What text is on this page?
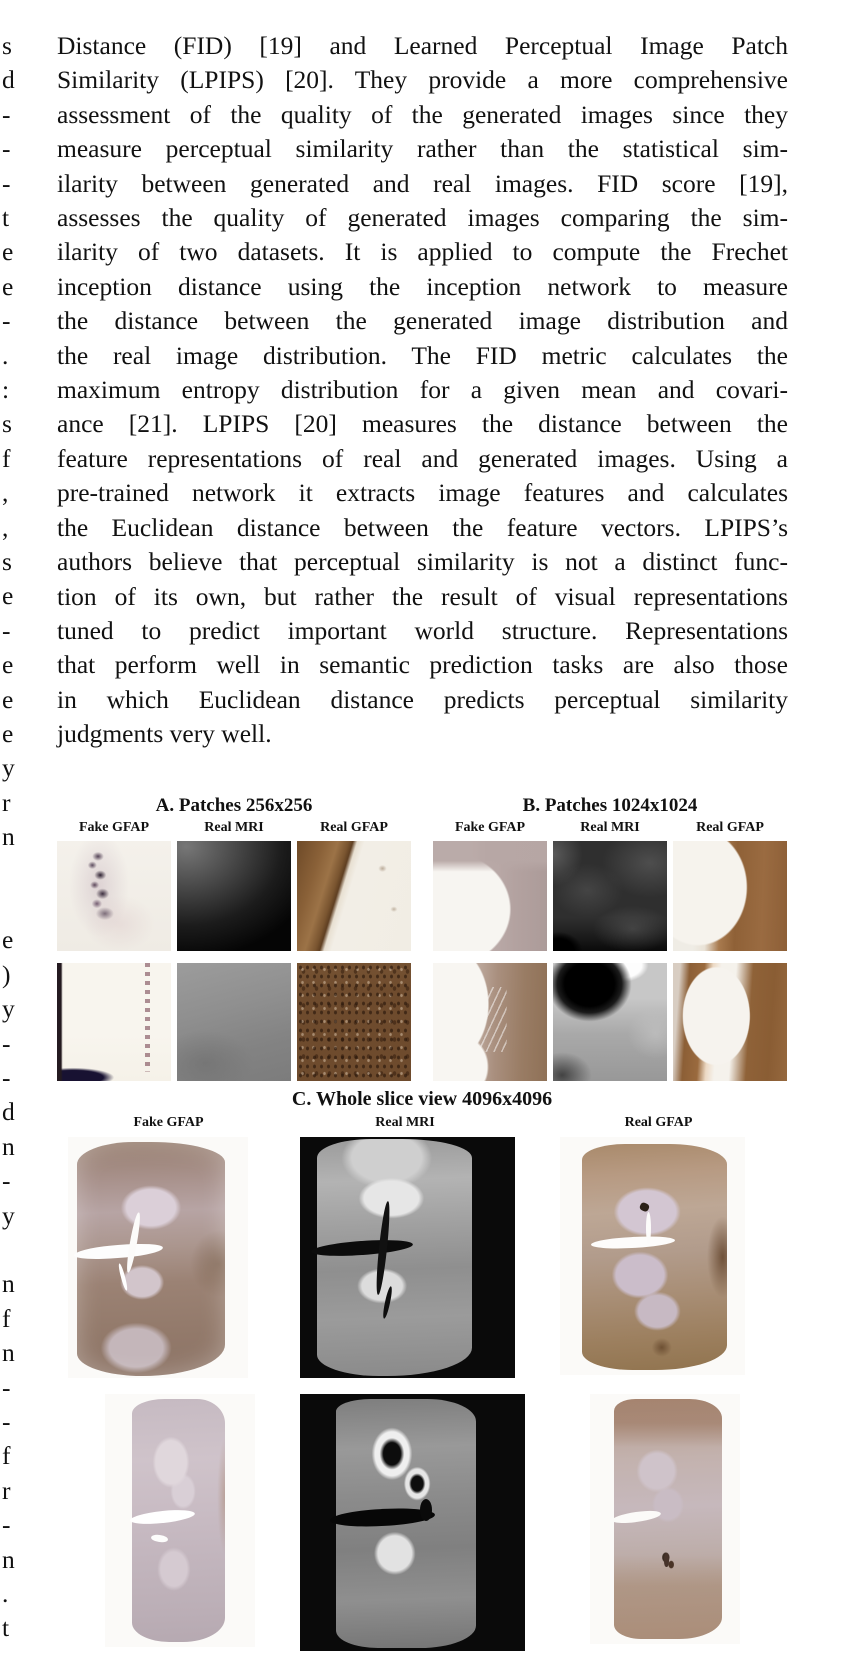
s
d
-
-
-
t
e
e
-
.
:
s
f
,
,
s
e
-
e
e
e
y
r
n
e
)
y
-
-
d
n
-
y
n
f
n
-
-
f
r
-
n
.
t
Distance (FID) [19] and Learned Perceptual Image Patch
Similarity (LPIPS) [20]. They provide a more comprehensive
assessment of the quality of the generated images since they
measure perceptual similarity rather than the statistical sim-
ilarity between generated and real images. FID score [19],
assesses the quality of generated images comparing the sim-
ilarity of two datasets. It is applied to compute the Frechet
inception distance using the inception network to measure
the distance between the generated image distribution and
the real image distribution. The FID metric calculates the
maximum entropy distribution for a given mean and covari-
ance [21]. LPIPS [20] measures the distance between the
feature representations of real and generated images. Using a
pre-trained network it extracts image features and calculates
the Euclidean distance between the feature vectors. LPIPS’s
authors believe that perceptual similarity is not a distinct func-
tion of its own, but rather the result of visual representations
tuned to predict important world structure. Representations
that perform well in semantic prediction tasks are also those
in which Euclidean distance predicts perceptual similarity
judgments very well.
A. Patches 256x256	B. Patches 1024x1024
Fake GFAP	Real MRI	Real GFAP	Fake GFAP	Real MRI	Real GFAP
C. Whole slice view 4096x4096
Fake GFAP	Real MRI	Real GFAP
